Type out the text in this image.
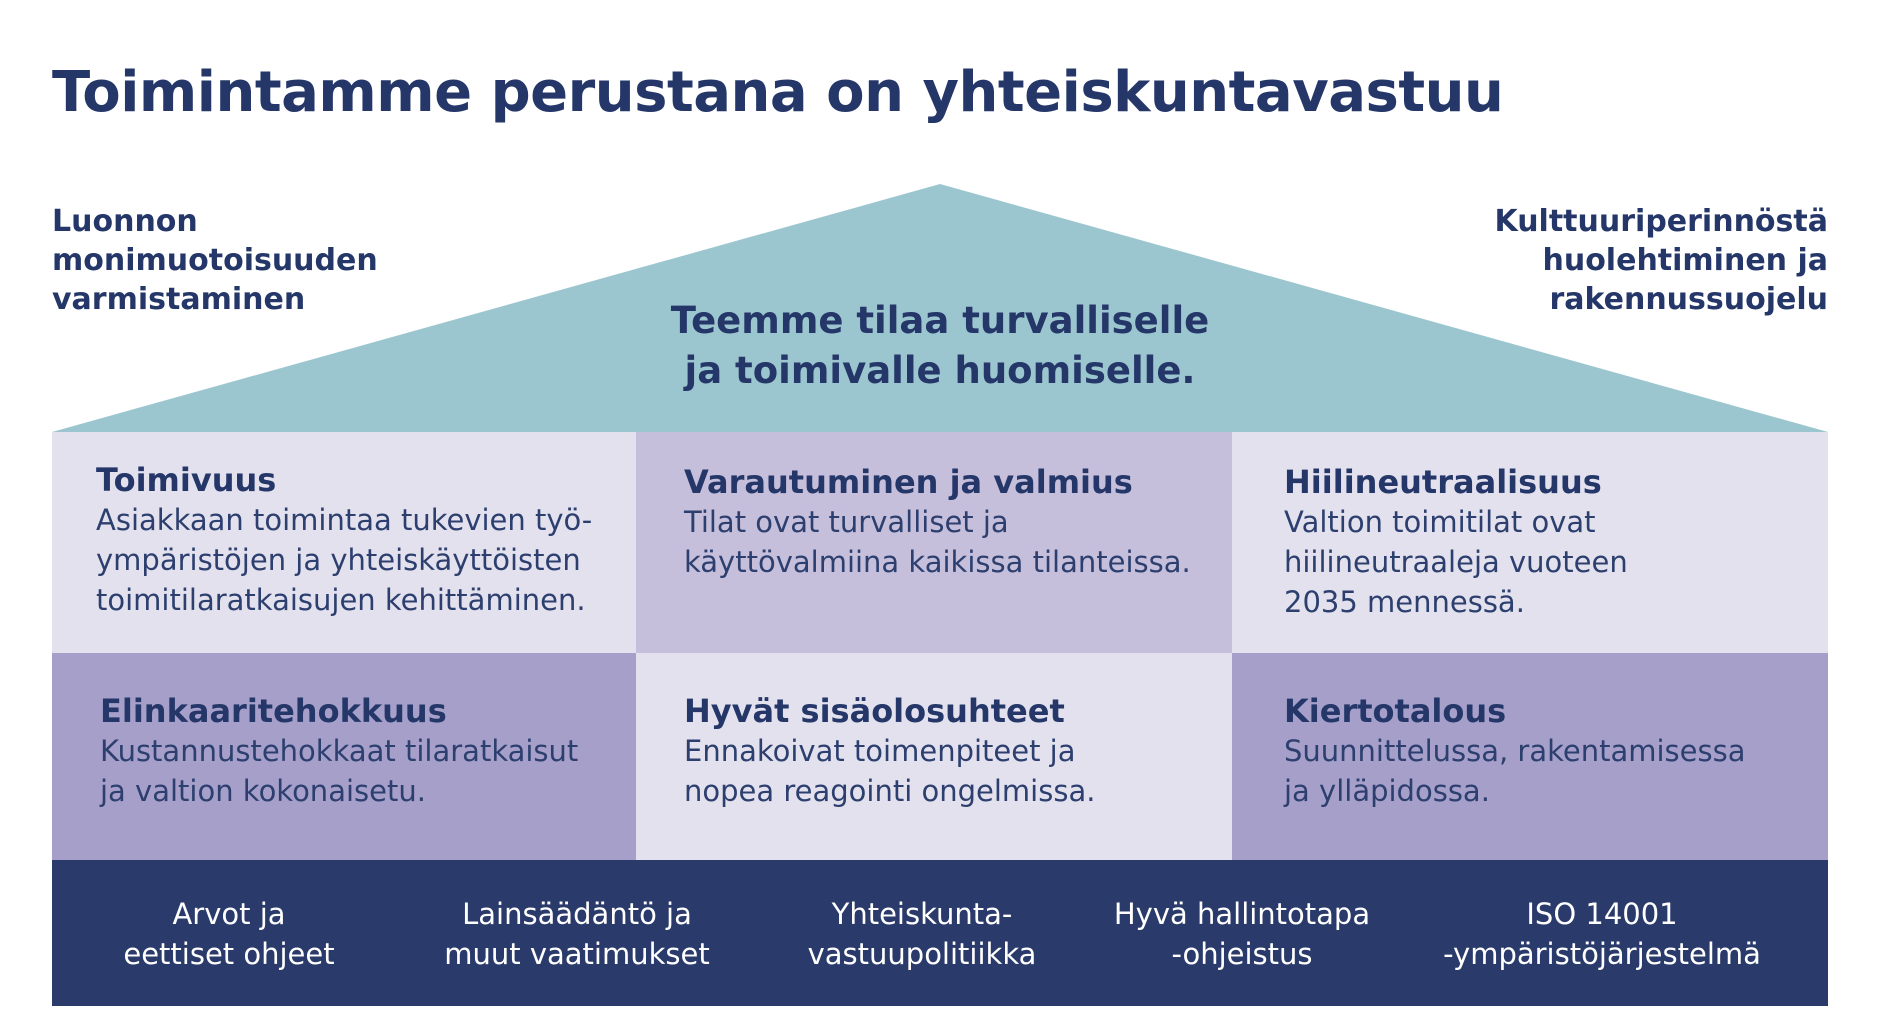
Toimintamme perustana on yhteiskuntavastuu
Luonnon
monimuotoisuuden
varmistaminen
Kulttuuriperinnöstä
huolehtiminen ja
rakennussuojelu
Teemme tilaa turvalliselle
ja toimivalle huomiselle.
Toimivuus
Asiakkaan toimintaa tukevien työ-
ympäristöjen ja yhteiskäyttöisten
toimitilaratkaisujen kehittäminen.
Varautuminen ja valmius
Tilat ovat turvalliset ja
käyttövalmiina kaikissa tilanteissa.
Hiilineutraalisuus
Valtion toimitilat ovat
hiilineutraaleja vuoteen
2035 mennessä.
Elinkaaritehokkuus
Kustannustehokkaat tilaratkaisut
ja valtion kokonaisetu.
Hyvät sisäolosuhteet
Ennakoivat toimenpiteet ja
nopea reagointi ongelmissa.
Kiertotalous
Suunnittelussa, rakentamisessa
ja ylläpidossa.
Arvot ja
eettiset ohjeet
Lainsäädäntö ja
muut vaatimukset
Yhteiskunta-
vastuupolitiikka
Hyvä hallintotapa
-ohjeistus
ISO 14001
-ympäristöjärjestelmä
